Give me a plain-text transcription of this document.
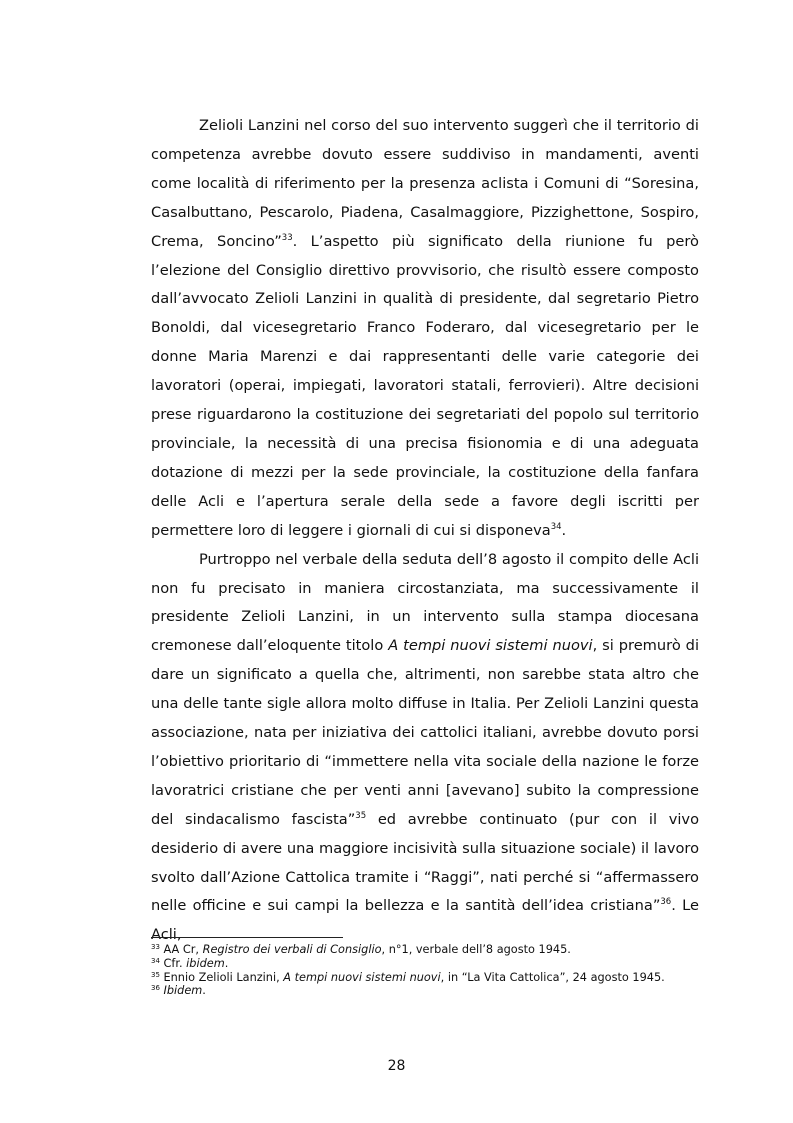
Zelioli Lanzini nel corso del suo intervento suggerì che il territorio di competenza avrebbe dovuto essere suddiviso in mandamenti, aventi come località di riferimento per la presenza aclista i Comuni di “Soresina, Casalbuttano, Pescarolo, Piadena, Casalmaggiore, Pizzighettone, Sospiro, Crema, Soncino”$^{33}$. L’aspetto più significato della riunione fu però l’elezione del Consiglio direttivo provvisorio, che risultò essere composto dall’avvocato Zelioli Lanzini in qualità di presidente, dal segretario Pietro Bonoldi, dal vicesegretario Franco Foderaro, dal vicesegretario per le donne Maria Marenzi e dai rappresentanti delle varie categorie dei lavoratori (operai, impiegati, lavoratori statali, ferrovieri). Altre decisioni prese riguardarono la costituzione dei segretariati del popolo sul territorio provinciale, la necessità di una precisa fisionomia e di una adeguata dotazione di mezzi per la sede provinciale, la costituzione della fanfara delle Acli e l’apertura serale della sede a favore degli iscritti per permettere loro di leggere i giornali di cui si disponeva$^{34}$.

Purtroppo nel verbale della seduta dell’8 agosto il compito delle Acli non fu precisato in maniera circostanziata, ma successivamente il presidente Zelioli Lanzini, in un intervento sulla stampa diocesana cremonese dall’eloquente titolo A tempi nuovi sistemi nuovi, si premurò di dare un significato a quella che, altrimenti, non sarebbe stata altro che una delle tante sigle allora molto diffuse in Italia. Per Zelioli Lanzini questa associazione, nata per iniziativa dei cattolici italiani, avrebbe dovuto porsi l’obiettivo prioritario di “immettere nella vita sociale della nazione le forze lavoratrici cristiane che per venti anni [avevano] subito la compressione del sindacalismo fascista”$^{35}$ ed avrebbe continuato (pur con il vivo desiderio di avere una maggiore incisività sulla situazione sociale) il lavoro svolto dall’Azione Cattolica tramite i “Raggi”, nati perché si “affermassero nelle officine e sui campi la bellezza e la santità dell’idea cristiana”$^{36}$. Le Acli,

$^{33}$ AA Cr, Registro dei verbali di Consiglio, n°1, verbale dell’8 agosto 1945.

$^{34}$ Cfr. ibidem.

$^{35}$ Ennio Zelioli Lanzini, A tempi nuovi sistemi nuovi, in “La Vita Cattolica”, 24 agosto 1945.

$^{36}$ Ibidem.

28
